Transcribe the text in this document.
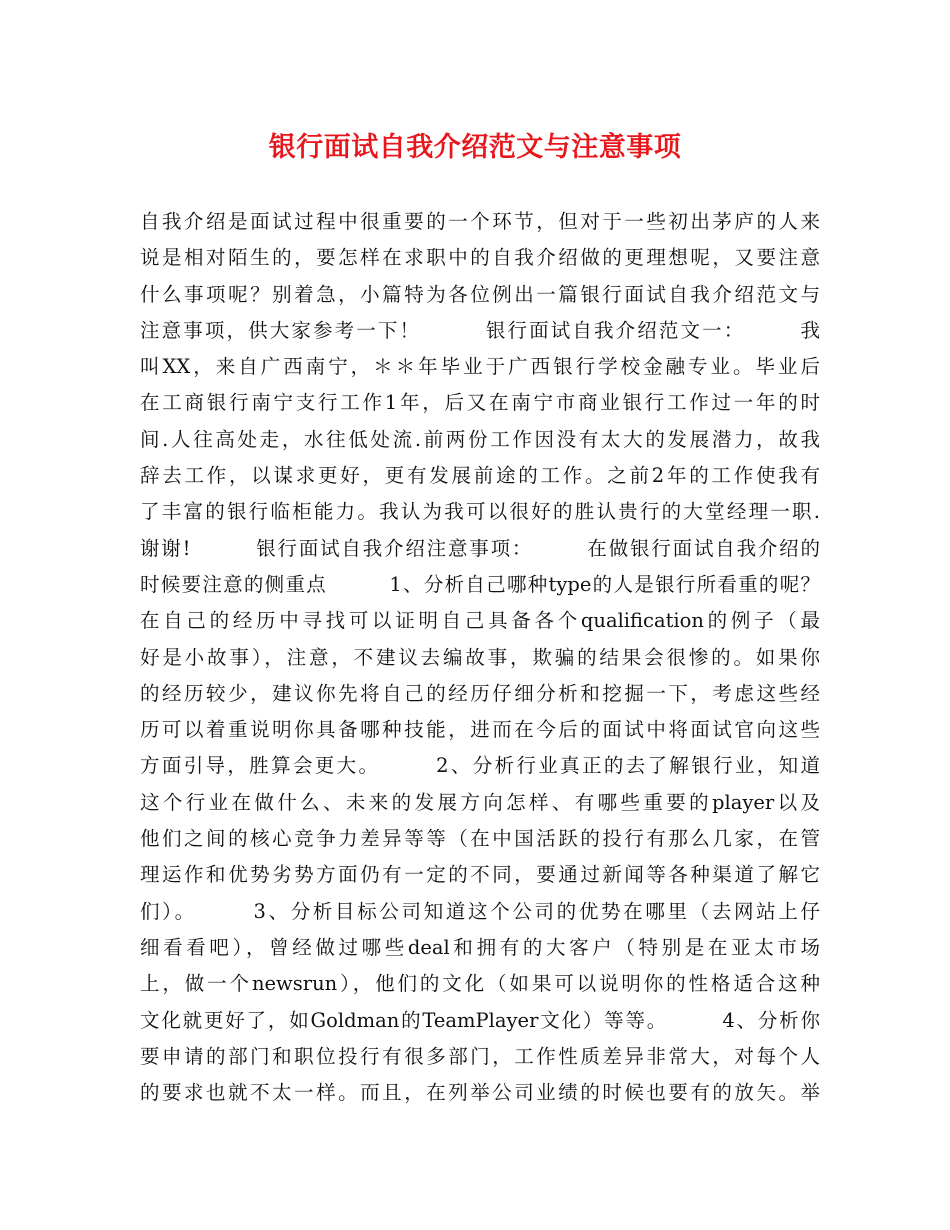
银行面试自我介绍范文与注意事项
自我介绍是面试过程中很重要的一个环节，但对于一些初出茅庐的人来
说是相对陌生的，要怎样在求职中的自我介绍做的更理想呢，又要注意
什么事项呢？别着急，小篇特为各位例出一篇银行面试自我介绍范文与
注意事项，供大家参考一下！　　　银行面试自我介绍范文一：　　　我
叫XX，来自广西南宁，＊＊年毕业于广西银行学校金融专业。毕业后
在工商银行南宁支行工作1年，后又在南宁市商业银行工作过一年的时
间.人往高处走，水往低处流.前两份工作因没有太大的发展潜力，故我
辞去工作，以谋求更好，更有发展前途的工作。之前2年的工作使我有
了丰富的银行临柜能力。我认为我可以很好的胜认贵行的大堂经理一职.
谢谢!　　　银行面试自我介绍注意事项：　　　在做银行面试自我介绍的
时候要注意的侧重点　　　1、分析自己哪种type的人是银行所看重的呢？
在自己的经历中寻找可以证明自己具备各个qualification的例子（最
好是小故事），注意，不建议去编故事，欺骗的结果会很惨的。如果你
的经历较少，建议你先将自己的经历仔细分析和挖掘一下，考虑这些经
历可以着重说明你具备哪种技能，进而在今后的面试中将面试官向这些
方面引导，胜算会更大。　　　2、分析行业真正的去了解银行业，知道
这个行业在做什么、未来的发展方向怎样、有哪些重要的player以及
他们之间的核心竞争力差异等等（在中国活跃的投行有那么几家，在管
理运作和优势劣势方面仍有一定的不同，要通过新闻等各种渠道了解它
们）。　　　3、分析目标公司知道这个公司的优势在哪里（去网站上仔
细看看吧），曾经做过哪些deal和拥有的大客户（特别是在亚太市场
上，做一个newsrun），他们的文化（如果可以说明你的性格适合这种
文化就更好了，如Goldman的TeamPlayer文化）等等。　　　4、分析你
要申请的部门和职位投行有很多部门，工作性质差异非常大，对每个人
的要求也就不太一样。而且，在列举公司业绩的时候也要有的放矢。举
